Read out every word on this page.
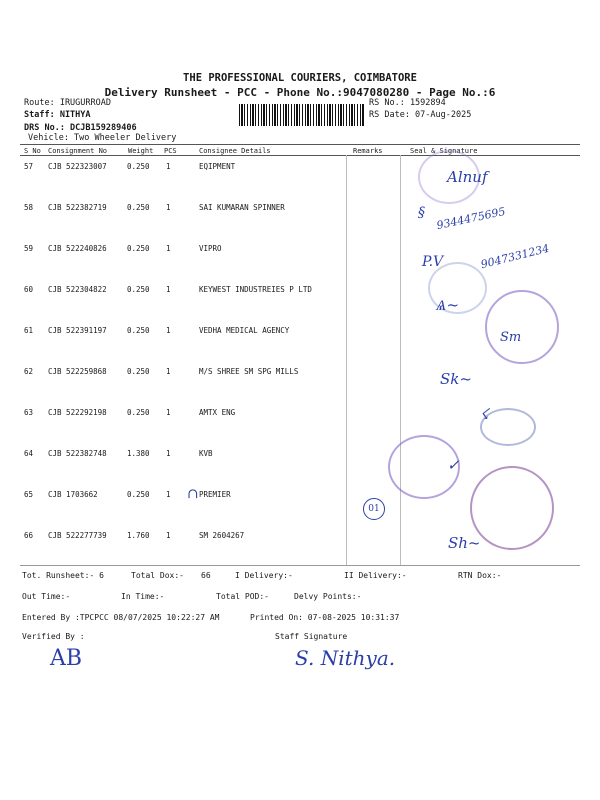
THE PROFESSIONAL COURIERS, COIMBATORE
Delivery Runsheet - PCC - Phone No.:9047080280 - Page No.:6
Route: IRUGURROAD
Staff: NITHYA
DRS No.: DCJB159289406
Vehicle: Two Wheeler Delivery
RS No.: 1592894
RS Date: 07-Aug-2025
S No Consignment No	Weight PCS	Consignee Details	Remarks	Seal & Signature
57 CJB 522323007	0.250 1	EQIPMENT
58 CJB 522382719	0.250 1	SAI KUMARAN SPINNER
59 CJB 522240826	0.250 1	VIPRO
60 CJB 522304822	0.250 1	KEYWEST INDUSTREIES P LTD
61 CJB 522391197	0.250 1	VEDHA MEDICAL AGENCY
62 CJB 522259868	0.250 1	M/S SHREE SM SPG MILLS
63 CJB 522292198	0.250 1	AMTX ENG
64 CJB 522382748	1.380 1	KVB
65 CJB 1703662	0.250 1	PREMIER
66 CJB 522277739	1.760 1	SM 2604267
Alnuf
§ 9344475695
P.V	9047331234
Ѧ~
Sm
Sk~
☇
✓
∩
01
Sh~
Tot. Runsheet:- 6	Total Dox:- 66	I Delivery:-	II Delivery:-	RTN Dox:-
Out Time:-	In Time:-	Total POD:-	Delvy Points:-
Entered By :TPCPCC 08/07/2025 10:22:27 AM	Printed On: 07-08-2025 10:31:37
Verified By :	Staff Signature
AB	S. Nithya.
